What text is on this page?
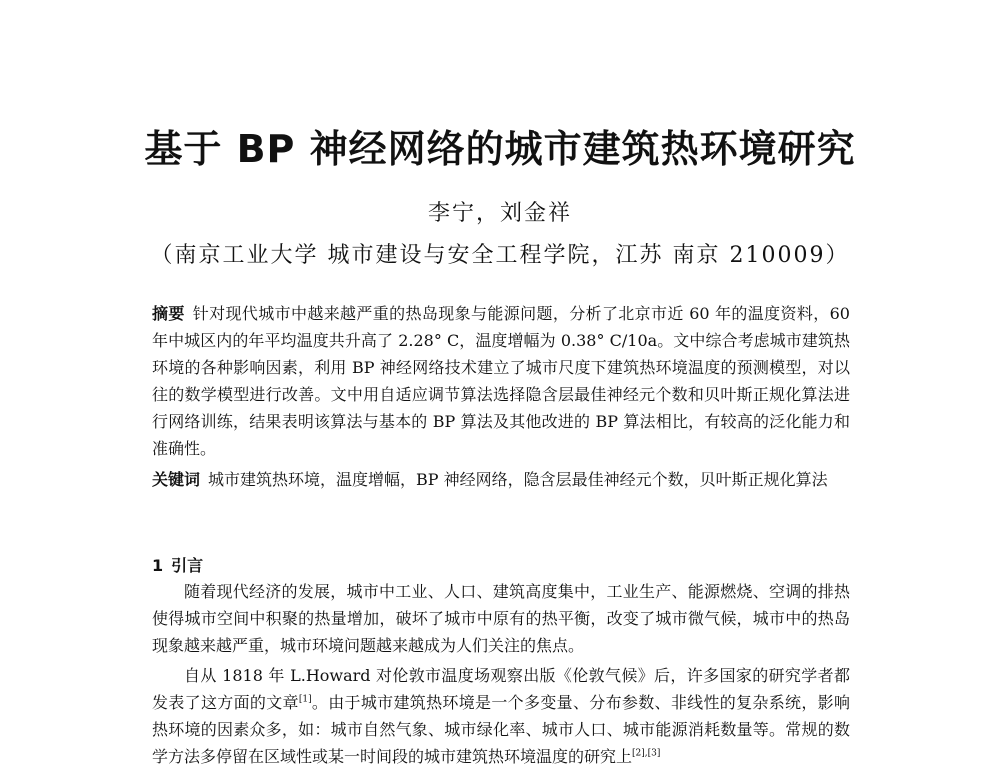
基于 BP 神经网络的城市建筑热环境研究

李宁，刘金祥

（南京工业大学 城市建设与安全工程学院，江苏 南京 210009）

摘要 针对现代城市中越来越严重的热岛现象与能源问题，分析了北京市近 60 年的温度资料，60 年中城区内的年平均温度共升高了 2.28° C，温度增幅为 0.38° C/10a。文中综合考虑城市建筑热环境的各种影响因素，利用 BP 神经网络技术建立了城市尺度下建筑热环境温度的预测模型，对以往的数学模型进行改善。文中用自适应调节算法选择隐含层最佳神经元个数和贝叶斯正规化算法进行网络训练，结果表明该算法与基本的 BP 算法及其他改进的 BP 算法相比，有较高的泛化能力和准确性。

关键词 城市建筑热环境，温度增幅，BP 神经网络，隐含层最佳神经元个数，贝叶斯正规化算法

1 引言

随着现代经济的发展，城市中工业、人口、建筑高度集中，工业生产、能源燃烧、空调的排热使得城市空间中积聚的热量增加，破坏了城市中原有的热平衡，改变了城市微气候，城市中的热岛现象越来越严重，城市环境问题越来越成为人们关注的焦点。

自从 1818 年 L.Howard 对伦敦市温度场观察出版《伦敦气候》后，许多国家的研究学者都发表了这方面的文章[1]。由于城市建筑热环境是一个多变量、分布参数、非线性的复杂系统，影响热环境的因素众多，如：城市自然气象、城市绿化率、城市人口、城市能源消耗数量等。常规的数学方法多停留在区域性或某一时间段的城市建筑热环境温度的研究上[2],[3]
